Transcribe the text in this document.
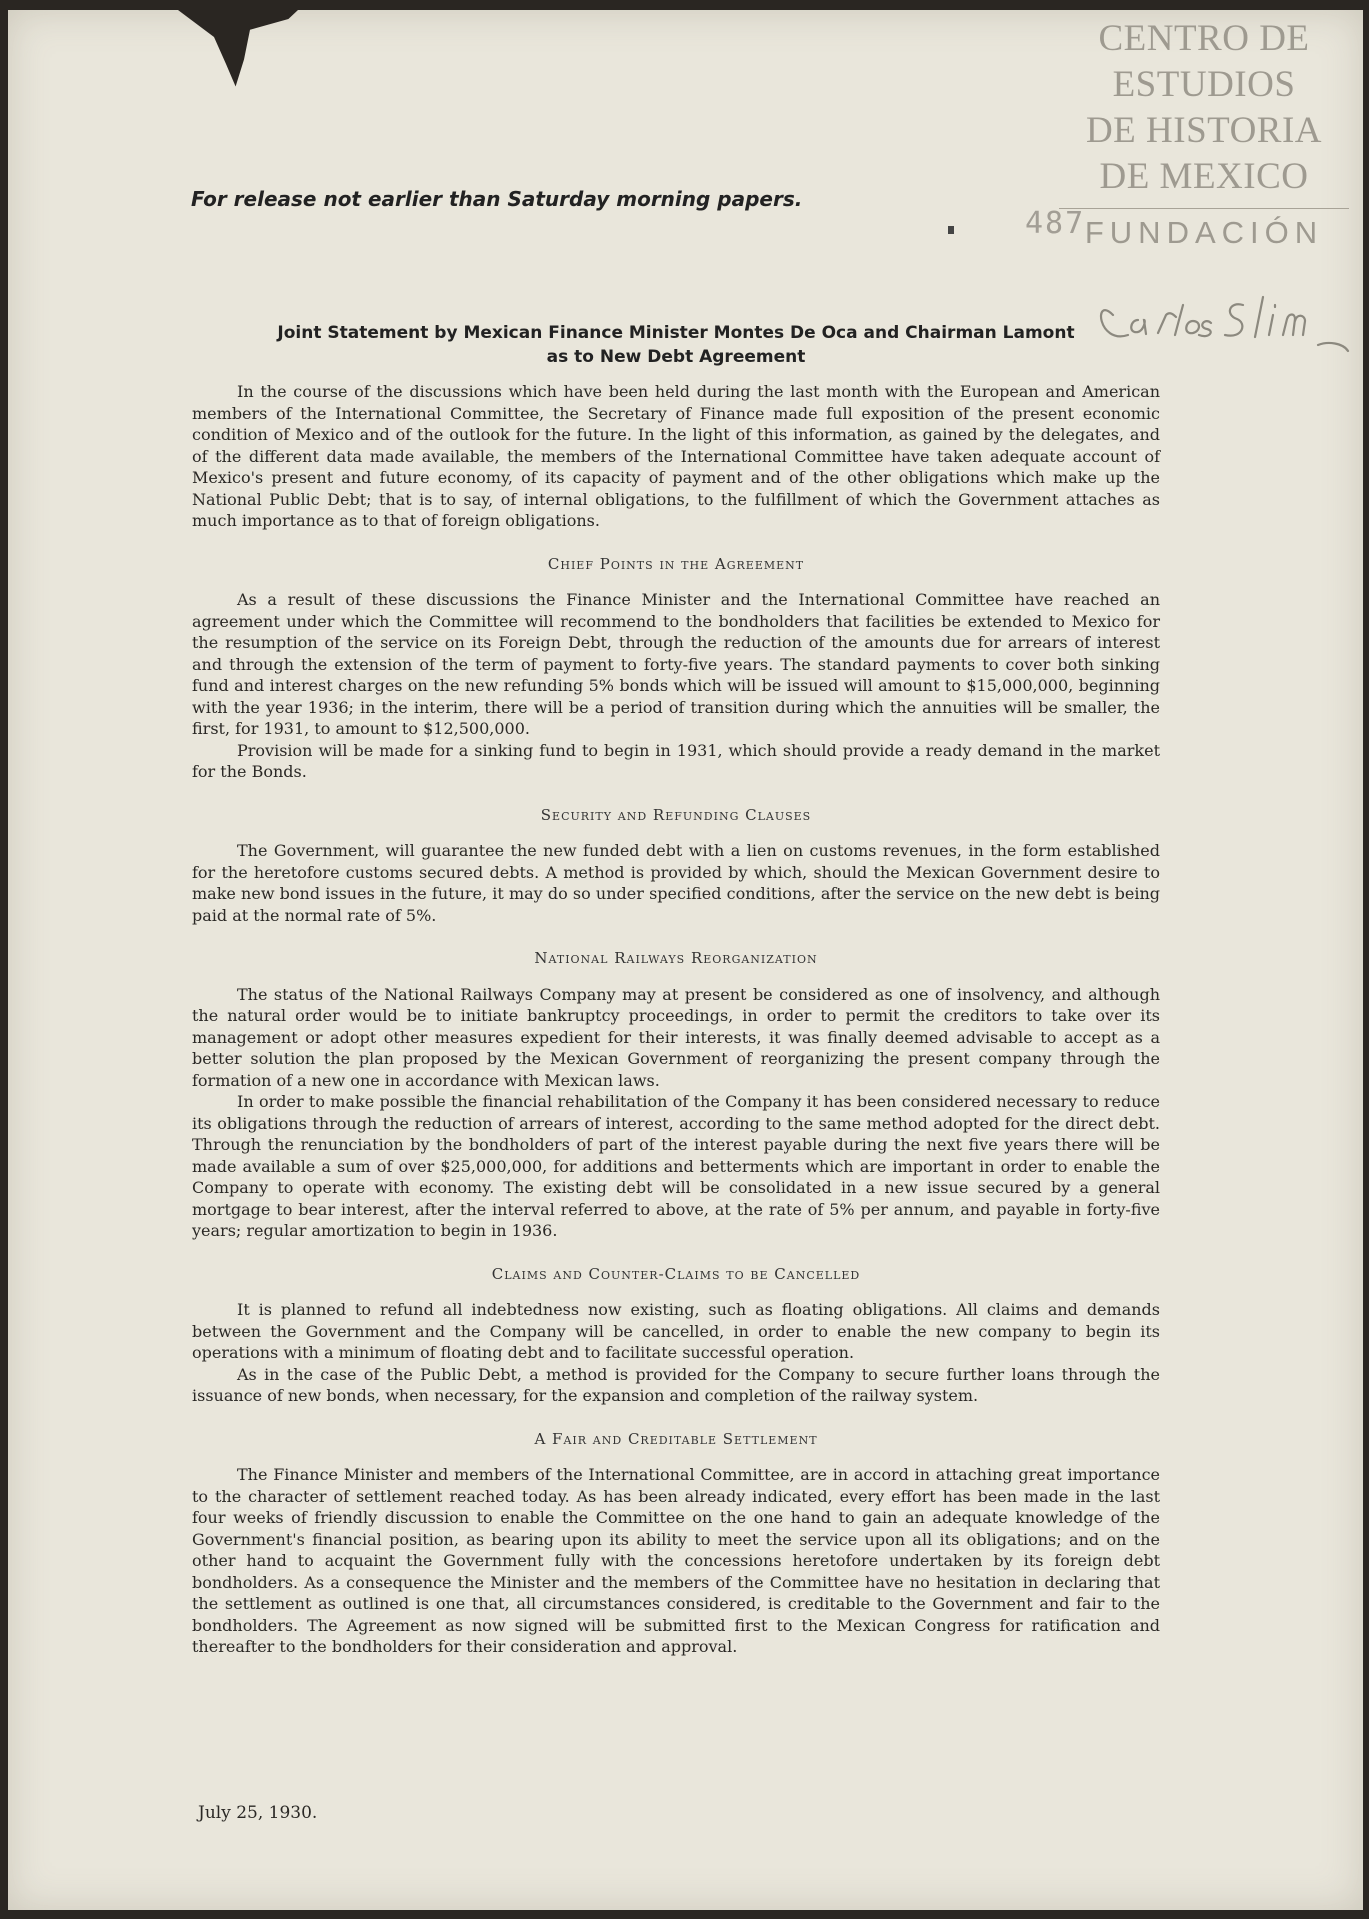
CENTRO DE
ESTUDIOS
DE HISTORIA
DE MEXICO
FUNDACIÓN
487
For release not earlier than Saturday morning papers.
Joint Statement by Mexican Finance Minister Montes De Oca and Chairman Lamont
as to New Debt Agreement

In the course of the discussions which have been held during the last month with the European and American members of the International Committee, the Secretary of Finance made full exposition of the present economic condition of Mexico and of the outlook for the future. In the light of this information, as gained by the delegates, and of the different data made available, the members of the International Committee have taken adequate account of Mexico's present and future economy, of its capacity of payment and of the other obligations which make up the National Public Debt; that is to say, of internal obligations, to the fulfillment of which the Government attaches as much importance as to that of foreign obligations.

Chief Points in the Agreement

As a result of these discussions the Finance Minister and the International Committee have reached an agreement under which the Committee will recommend to the bondholders that facilities be extended to Mexico for the resumption of the service on its Foreign Debt, through the reduction of the amounts due for arrears of interest and through the extension of the term of payment to forty-five years. The standard payments to cover both sinking fund and interest charges on the new refunding 5% bonds which will be issued will amount to $15,000,000, beginning with the year 1936; in the interim, there will be a period of transition during which the annuities will be smaller, the first, for 1931, to amount to $12,500,000.

Provision will be made for a sinking fund to begin in 1931, which should provide a ready demand in the market for the Bonds.

Security and Refunding Clauses

The Government, will guarantee the new funded debt with a lien on customs revenues, in the form established for the heretofore customs secured debts. A method is provided by which, should the Mexican Government desire to make new bond issues in the future, it may do so under specified conditions, after the service on the new debt is being paid at the normal rate of 5%.

National Railways Reorganization

The status of the National Railways Company may at present be considered as one of insolvency, and although the natural order would be to initiate bankruptcy proceedings, in order to permit the creditors to take over its management or adopt other measures expedient for their interests, it was finally deemed advisable to accept as a better solution the plan proposed by the Mexican Government of reorganizing the present company through the formation of a new one in accordance with Mexican laws.

In order to make possible the financial rehabilitation of the Company it has been considered necessary to reduce its obligations through the reduction of arrears of interest, according to the same method adopted for the direct debt. Through the renunciation by the bondholders of part of the interest payable during the next five years there will be made available a sum of over $25,000,000, for additions and betterments which are important in order to enable the Company to operate with economy. The existing debt will be consolidated in a new issue secured by a general mortgage to bear interest, after the interval referred to above, at the rate of 5% per annum, and payable in forty-five years; regular amortization to begin in 1936.

Claims and Counter-Claims to be Cancelled

It is planned to refund all indebtedness now existing, such as floating obligations. All claims and demands between the Government and the Company will be cancelled, in order to enable the new company to begin its operations with a minimum of floating debt and to facilitate successful operation.

As in the case of the Public Debt, a method is provided for the Company to secure further loans through the issuance of new bonds, when necessary, for the expansion and completion of the railway system.

A Fair and Creditable Settlement

The Finance Minister and members of the International Committee, are in accord in attaching great importance to the character of settlement reached today. As has been already indicated, every effort has been made in the last four weeks of friendly discussion to enable the Committee on the one hand to gain an adequate knowledge of the Government's financial position, as bearing upon its ability to meet the service upon all its obligations; and on the other hand to acquaint the Government fully with the concessions heretofore undertaken by its foreign debt bondholders. As a consequence the Minister and the members of the Committee have no hesitation in declaring that the settlement as outlined is one that, all circumstances considered, is creditable to the Government and fair to the bondholders. The Agreement as now signed will be submitted first to the Mexican Congress for ratification and thereafter to the bondholders for their consideration and approval.

July 25, 1930.
